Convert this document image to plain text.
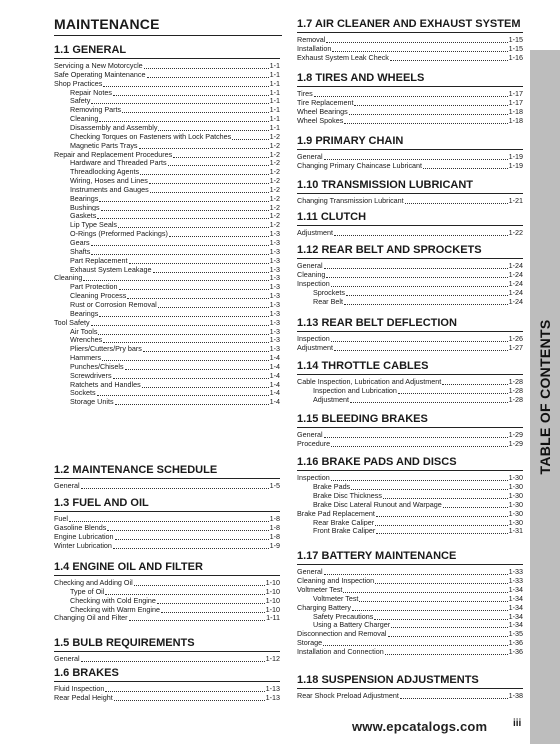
MAINTENANCE
TABLE OF CONTENTS
www.epcatalogs.com	iii
1.1 GENERAL
Servicing a New Motorcycle	1-1
Safe Operating Maintenance	1-1
Shop Practices	1-1
Repair Notes	1-1
Safety	1-1
Removing Parts	1-1
Cleaning	1-1
Disassembly and Assembly	1-1
Checking Torques on Fasteners with Lock Patches	1-2
Magnetic Parts Trays	1-2
Repair and Replacement Procedures	1-2
Hardware and Threaded Parts	1-2
Threadlocking Agents	1-2
Wiring, Hoses and Lines	1-2
Instruments and Gauges	1-2
Bearings	1-2
Bushings	1-2
Gaskets	1-2
Lip Type Seals	1-2
O-Rings (Preformed Packings)	1-3
Gears	1-3
Shafts	1-3
Part Replacement	1-3
Exhaust System Leakage	1-3
Cleaning	1-3
Part Protection	1-3
Cleaning Process	1-3
Rust or Corrosion Removal	1-3
Bearings	1-3
Tool Safety	1-3
Air Tools	1-3
Wrenches	1-3
Pliers/Cutters/Pry bars	1-3
Hammers	1-4
Punches/Chisels	1-4
Screwdrivers	1-4
Ratchets and Handles	1-4
Sockets	1-4
Storage Units	1-4
1.2 MAINTENANCE SCHEDULE
General	1-5
1.3 FUEL AND OIL
Fuel	1-8
Gasoline Blends	1-8
Engine Lubrication	1-8
Winter Lubrication	1-9
1.4 ENGINE OIL AND FILTER
Checking and Adding Oil	1-10
Type of Oil	1-10
Checking with Cold Engine	1-10
Checking with Warm Engine	1-10
Changing Oil and Filter	1-11
1.5 BULB REQUIREMENTS
General	1-12
1.6 BRAKES
Fluid Inspection	1-13
Rear Pedal Height	1-13
1.7 AIR CLEANER AND EXHAUST SYSTEM
Removal	1-15
Installation	1-15
Exhaust System Leak Check	1-16
1.8 TIRES AND WHEELS
Tires	1-17
Tire Replacement	1-17
Wheel Bearings	1-18
Wheel Spokes	1-18
1.9 PRIMARY CHAIN
General	1-19
Changing Primary Chaincase Lubricant	1-19
1.10 TRANSMISSION LUBRICANT
Changing Transmission Lubricant	1-21
1.11 CLUTCH
Adjustment	1-22
1.12 REAR BELT AND SPROCKETS
General	1-24
Cleaning	1-24
Inspection	1-24
Sprockets	1-24
Rear Belt	1-24
1.13 REAR BELT DEFLECTION
Inspection	1-26
Adjustment	1-27
1.14 THROTTLE CABLES
Cable Inspection, Lubrication and Adjustment	1-28
Inspection and Lubrication	1-28
Adjustment	1-28
1.15 BLEEDING BRAKES
General	1-29
Procedure	1-29
1.16 BRAKE PADS AND DISCS
Inspection	1-30
Brake Pads	1-30
Brake Disc Thickness	1-30
Brake Disc Lateral Runout and Warpage	1-30
Brake Pad Replacement	1-30
Rear Brake Caliper	1-30
Front Brake Caliper	1-31
1.17 BATTERY MAINTENANCE
General	1-33
Cleaning and Inspection	1-33
Voltmeter Test	1-34
Voltmeter Test	1-34
Charging Battery	1-34
Safety Precautions	1-34
Using a Battery Charger	1-34
Disconnection and Removal	1-35
Storage	1-36
Installation and Connection	1-36
1.18 SUSPENSION ADJUSTMENTS
Rear Shock Preload Adjustment	1-38
